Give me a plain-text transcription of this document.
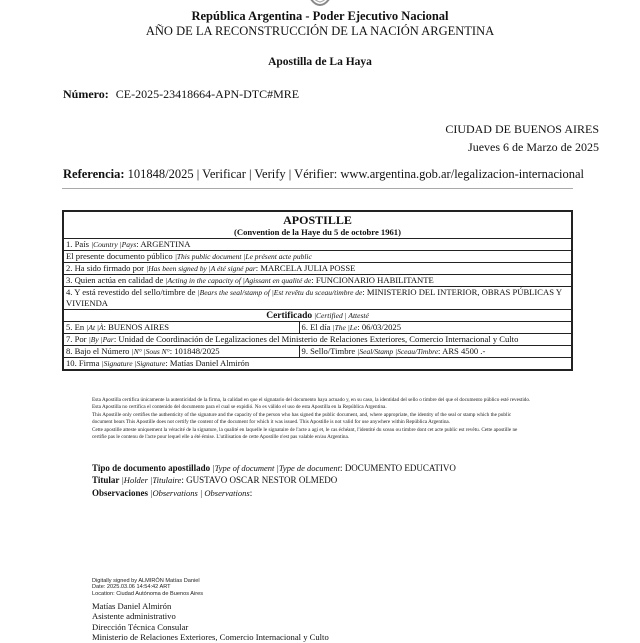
República Argentina - Poder Ejecutivo Nacional
AÑO DE LA RECONSTRUCCIÓN DE LA NACIÓN ARGENTINA
Apostilla de La Haya
Número: CE-2025-23418664-APN-DTC#MRE
CIUDAD DE BUENOS AIRES
Jueves 6 de Marzo de 2025
Referencia: 101848/2025 | Verificar | Verify | Vérifier: www.argentina.gob.ar/legalizacion-internacional
APOSTILLE
(Convention de la Haye du 5 de octobre 1961)	

1. País |Country |Pays: ARGENTINA	
El presente documento público |This public document |Le présent acte public	
2. Ha sido firmado por |Has been signed by |A été signé par: MARCELA JULIA POSSE	
3. Quien actúa en calidad de |Acting in the capacity of |Agissant en qualité de: FUNCIONARIO HABILITANTE	
4. Y está revestido del sello/timbre de |Bears the seal/stamp of |Est revêtu du sceau/timbre de: MINISTERIO DEL INTERIOR, OBRAS PÚBLICAS Y VIVIENDA	
Certificado |Certified | Attesté	
5. En |At |À: BUENOS AIRES	6. El día |The |Le: 06/03/2025
7. Por |By |Par: Unidad de Coordinación de Legalizaciones del Ministerio de Relaciones Exteriores, Comercio Internacional y Culto	
8. Bajo el Número |N° |Sous N°: 101848/2025	9. Sello/Timbre |Seal/Stamp |Sceau/Timbre: ARS 4500 .-
10. Firma |Signature |Signature: Matías Daniel Almirón	
Esta Apostilla certifica únicamente la autenticidad de la firma, la calidad en que el signatario del documento haya actuado y, en su caso, la identidad del sello o timbre del que el documento público esté revestido.
Esta Apostilla no certifica el contenido del documento para el cual se expidió. No es válido el uso de esta Apostilla en la República Argentina.
This Apostille only certifies the authenticity of the signature and the capacity of the person who has signed the public document, and, where appropriate, the identity of the seal or stamp which the public
document bears This Apostille does not certify the content of the document for which it was issued. This Apostille is not valid for use anywhere within República Argentina.
Cette apostille atteste uniquement la véracité de la signature, la qualité en laquelle le signataire de l'acte a agi et, le cas échéant, l'identité du sceau ou timbre dont cet acte public est revêtu. Cette apostille ne
certifie pas le contenu de l'acte pour lequel elle a été émise. L'utilisation de cette Apostille n'est pas valable en/au Argentina.
Tipo de documento apostillado |Type of document |Type de document: DOCUMENTO EDUCATIVO
Titular |Holder |Titulaire: GUSTAVO OSCAR NESTOR OLMEDO
Observaciones |Observations | Observations:
Digitally signed by ALMIRÓN Matías Daniel
Date: 2025.03.06 14:54:42 ART
Location: Ciudad Autónoma de Buenos Aires
Matías Daniel Almirón
Asistente administrativo
Dirección Técnica Consular
Ministerio de Relaciones Exteriores, Comercio Internacional y Culto
